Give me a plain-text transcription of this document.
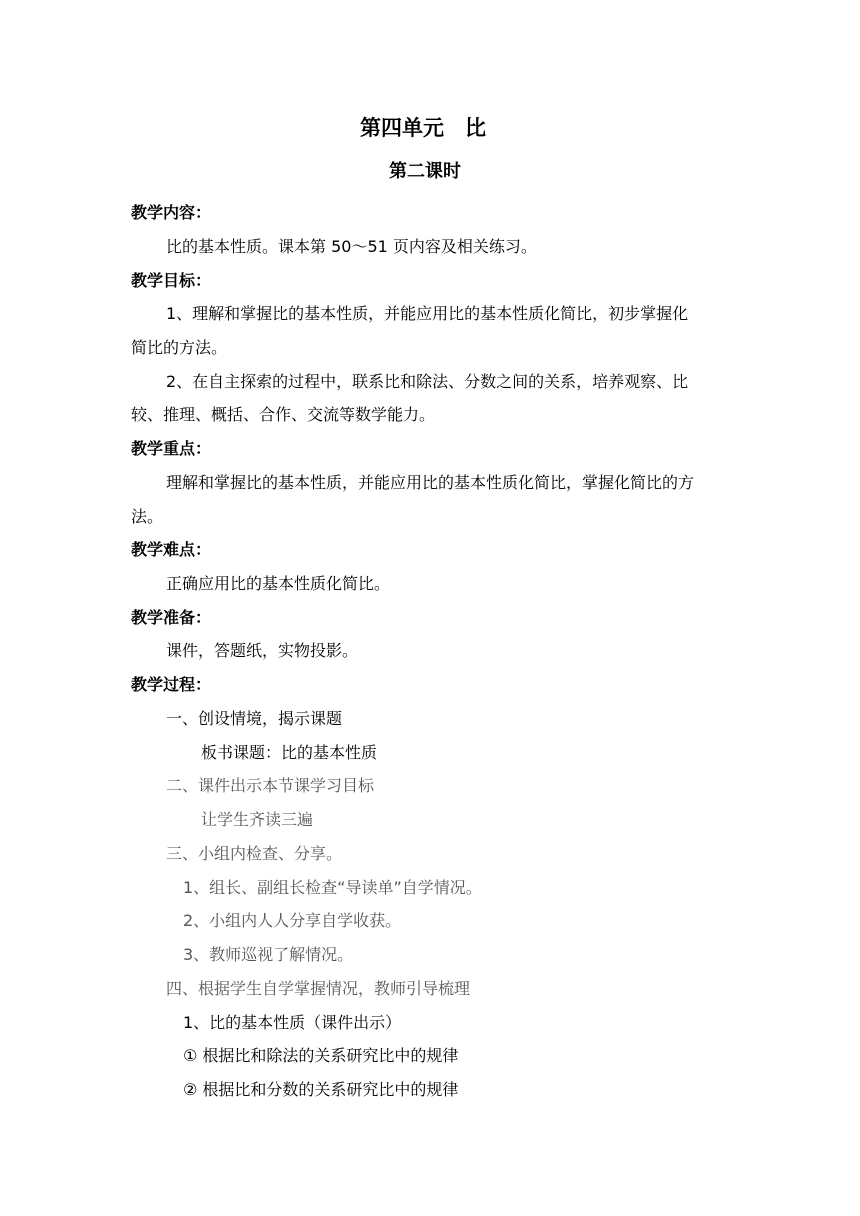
第四单元　比
第二课时
教学内容：
比的基本性质。课本第 50～51 页内容及相关练习。
教学目标：
1、理解和掌握比的基本性质，并能应用比的基本性质化简比，初步掌握化
简比的方法。
2、在自主探索的过程中，联系比和除法、分数之间的关系，培养观察、比
较、推理、概括、合作、交流等数学能力。
教学重点：
理解和掌握比的基本性质，并能应用比的基本性质化简比，掌握化简比的方
法。
教学难点：
正确应用比的基本性质化简比。
教学准备：
课件，答题纸，实物投影。
教学过程：
一、创设情境，揭示课题
板书课题：比的基本性质
二、课件出示本节课学习目标
让学生齐读三遍
三、小组内检查、分享。
1、组长、副组长检查“导读单”自学情况。
2、小组内人人分享自学收获。
3、教师巡视了解情况。
四、根据学生自学掌握情况，教师引导梳理
1、比的基本性质（课件出示）
① 根据比和除法的关系研究比中的规律
② 根据比和分数的关系研究比中的规律
